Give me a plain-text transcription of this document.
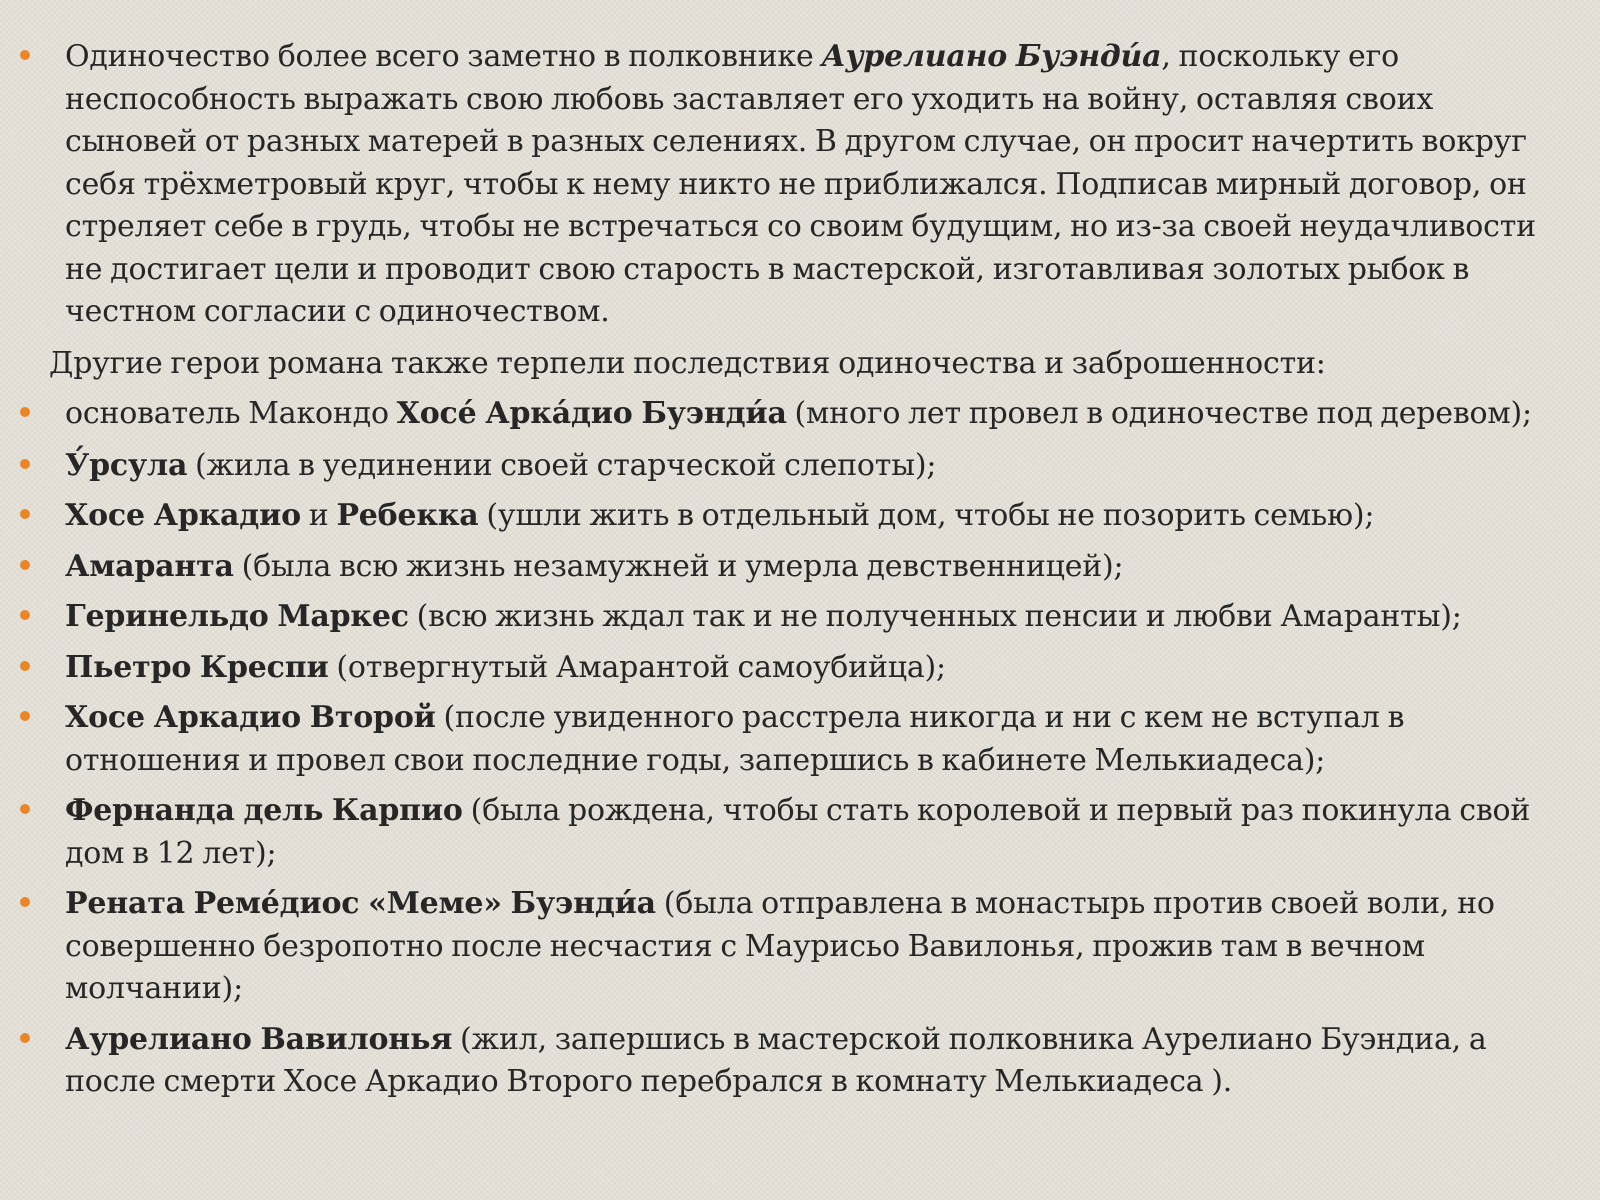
Одиночество более всего заметно в полковнике Аурелиано Буэнди́а, поскольку его неспособность выражать свою любовь заставляет его уходить на войну, оставляя своих сыновей от разных матерей в разных селениях. В другом случае, он просит начертить вокруг себя трёхметровый круг, чтобы к нему никто не приближался. Подписав мирный договор, он стреляет себе в грудь, чтобы не встречаться со своим будущим, но из-за своей неудачливости не достигает цели и проводит свою старость в мастерской, изготавливая золотых рыбок в честном согласии с одиночеством.
Другие герои романа также терпели последствия одиночества и заброшенности:
основатель Макондо Хосе́ Арка́дио Буэнди́а (много лет провел в одиночестве под деревом);
У́рсула (жила в уединении своей старческой слепоты);
Хосе Аркадио и Ребекка (ушли жить в отдельный дом, чтобы не позорить семью);
Амаранта (была всю жизнь незамужней и умерла девственницей);
Геринельдо Маркес (всю жизнь ждал так и не полученных пенсии и любви Амаранты);
Пьетро Креспи (отвергнутый Амарантой самоубийца);
Хосе Аркадио Второй (после увиденного расстрела никогда и ни с кем не вступал в отношения и провел свои последние годы, запершись в кабинете Мелькиадеса);
Фернанда дель Карпио (была рождена, чтобы стать королевой и первый раз покинула свой дом в 12 лет);
Рената Реме́диос «Меме» Буэнди́а (была отправлена в монастырь против своей воли, но совершенно безропотно после несчастия с Маурисьо Вавилонья, прожив там в вечном молчании);
Аурелиано Вавилонья (жил, запершись в мастерской полковника Аурелиано Буэндиа, а после смерти Хосе Аркадио Второго перебрался в комнату Мелькиадеса ).
